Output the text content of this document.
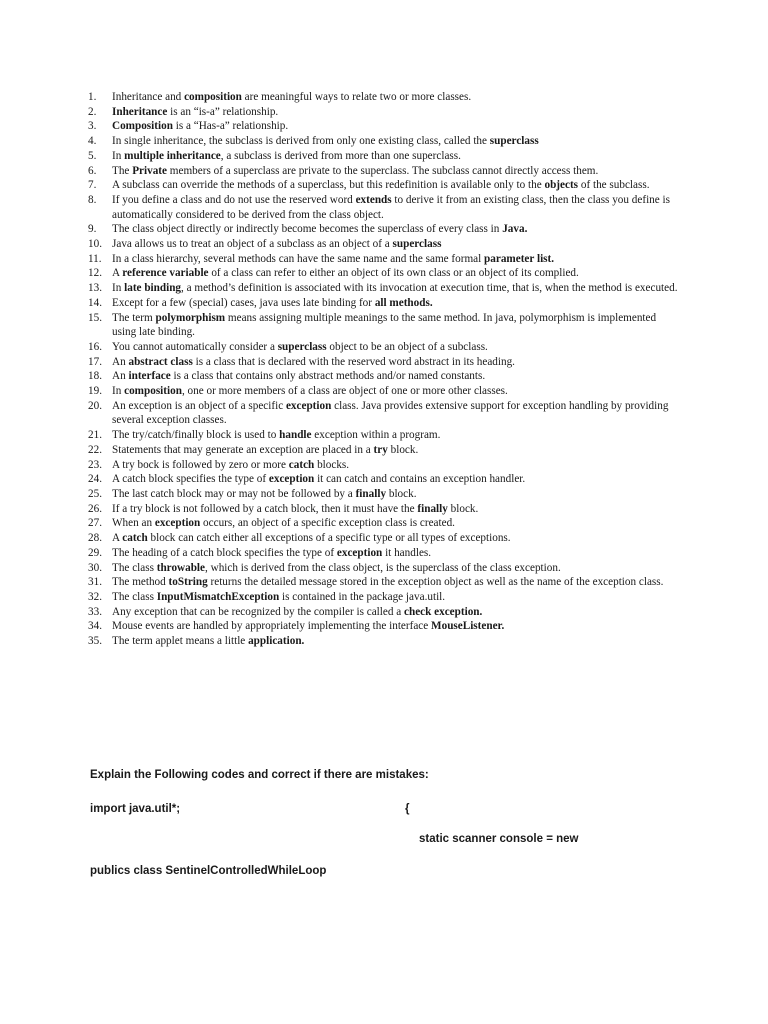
1.	Inheritance and composition are meaningful ways to relate two or more classes.
2.	Inheritance is an “is-a” relationship.
3.	Composition is a “Has-a” relationship.
4.	In single inheritance, the subclass is derived from only one existing class, called the superclass
5.	In multiple inheritance, a subclass is derived from more than one superclass.
6.	The Private members of a superclass are private to the superclass. The subclass cannot directly access them.
7.	A subclass can override the methods of a superclass, but this redefinition is available only to the objects of the subclass.
8.	If you define a class and do not use the reserved word extends to derive it from an existing class, then the class you define is automatically considered to be derived from the class object.
9.	The class object directly or indirectly become becomes the superclass of every class in Java.
10. Java allows us to treat an object of a subclass as an object of a superclass
11. In a class hierarchy, several methods can have the same name and the same formal parameter list.
12. A reference variable of a class can refer to either an object of its own class or an object of its complied.
13. In late binding, a method’s definition is associated with its invocation at execution time, that is, when the method is executed.
14. Except for a few (special) cases, java uses late binding for all methods.
15. The term polymorphism means assigning multiple meanings to the same method. In java, polymorphism is implemented using late binding.
16. You cannot automatically consider a superclass object to be an object of a subclass.
17. An abstract class is a class that is declared with the reserved word abstract in its heading.
18. An interface is a class that contains only abstract methods and/or named constants.
19. In composition, one or more members of a class are object of one or more other classes.
20. An exception is an object of a specific exception class. Java provides extensive support for exception handling by providing several exception classes.
21. The try/catch/finally block is used to handle exception within a program.
22. Statements that may generate an exception are placed in a try block.
23. A try bock is followed by zero or more catch blocks.
24. A catch block specifies the type of exception it can catch and contains an exception handler.
25. The last catch block may or may not be followed by a finally block.
26. If a try block is not followed by a catch block, then it must have the finally block.
27. When an exception occurs, an object of a specific exception class is created.
28. A catch block can catch either all exceptions of a specific type or all types of exceptions.
29. The heading of a catch block specifies the type of exception it handles.
30. The class throwable, which is derived from the class object, is the superclass of the class exception.
31. The method toString returns the detailed message stored in the exception object as well as the name of the exception class.
32. The class InputMismatchException is contained in the package java.util.
33. Any exception that can be recognized by the compiler is called a check exception.
34. Mouse events are handled by appropriately implementing the interface MouseListener.
35. The term applet means a little application.
Explain the Following codes and correct if there are mistakes:
import java.util*;	{
static scanner console = new
publics class SentinelControlledWhileLoop
